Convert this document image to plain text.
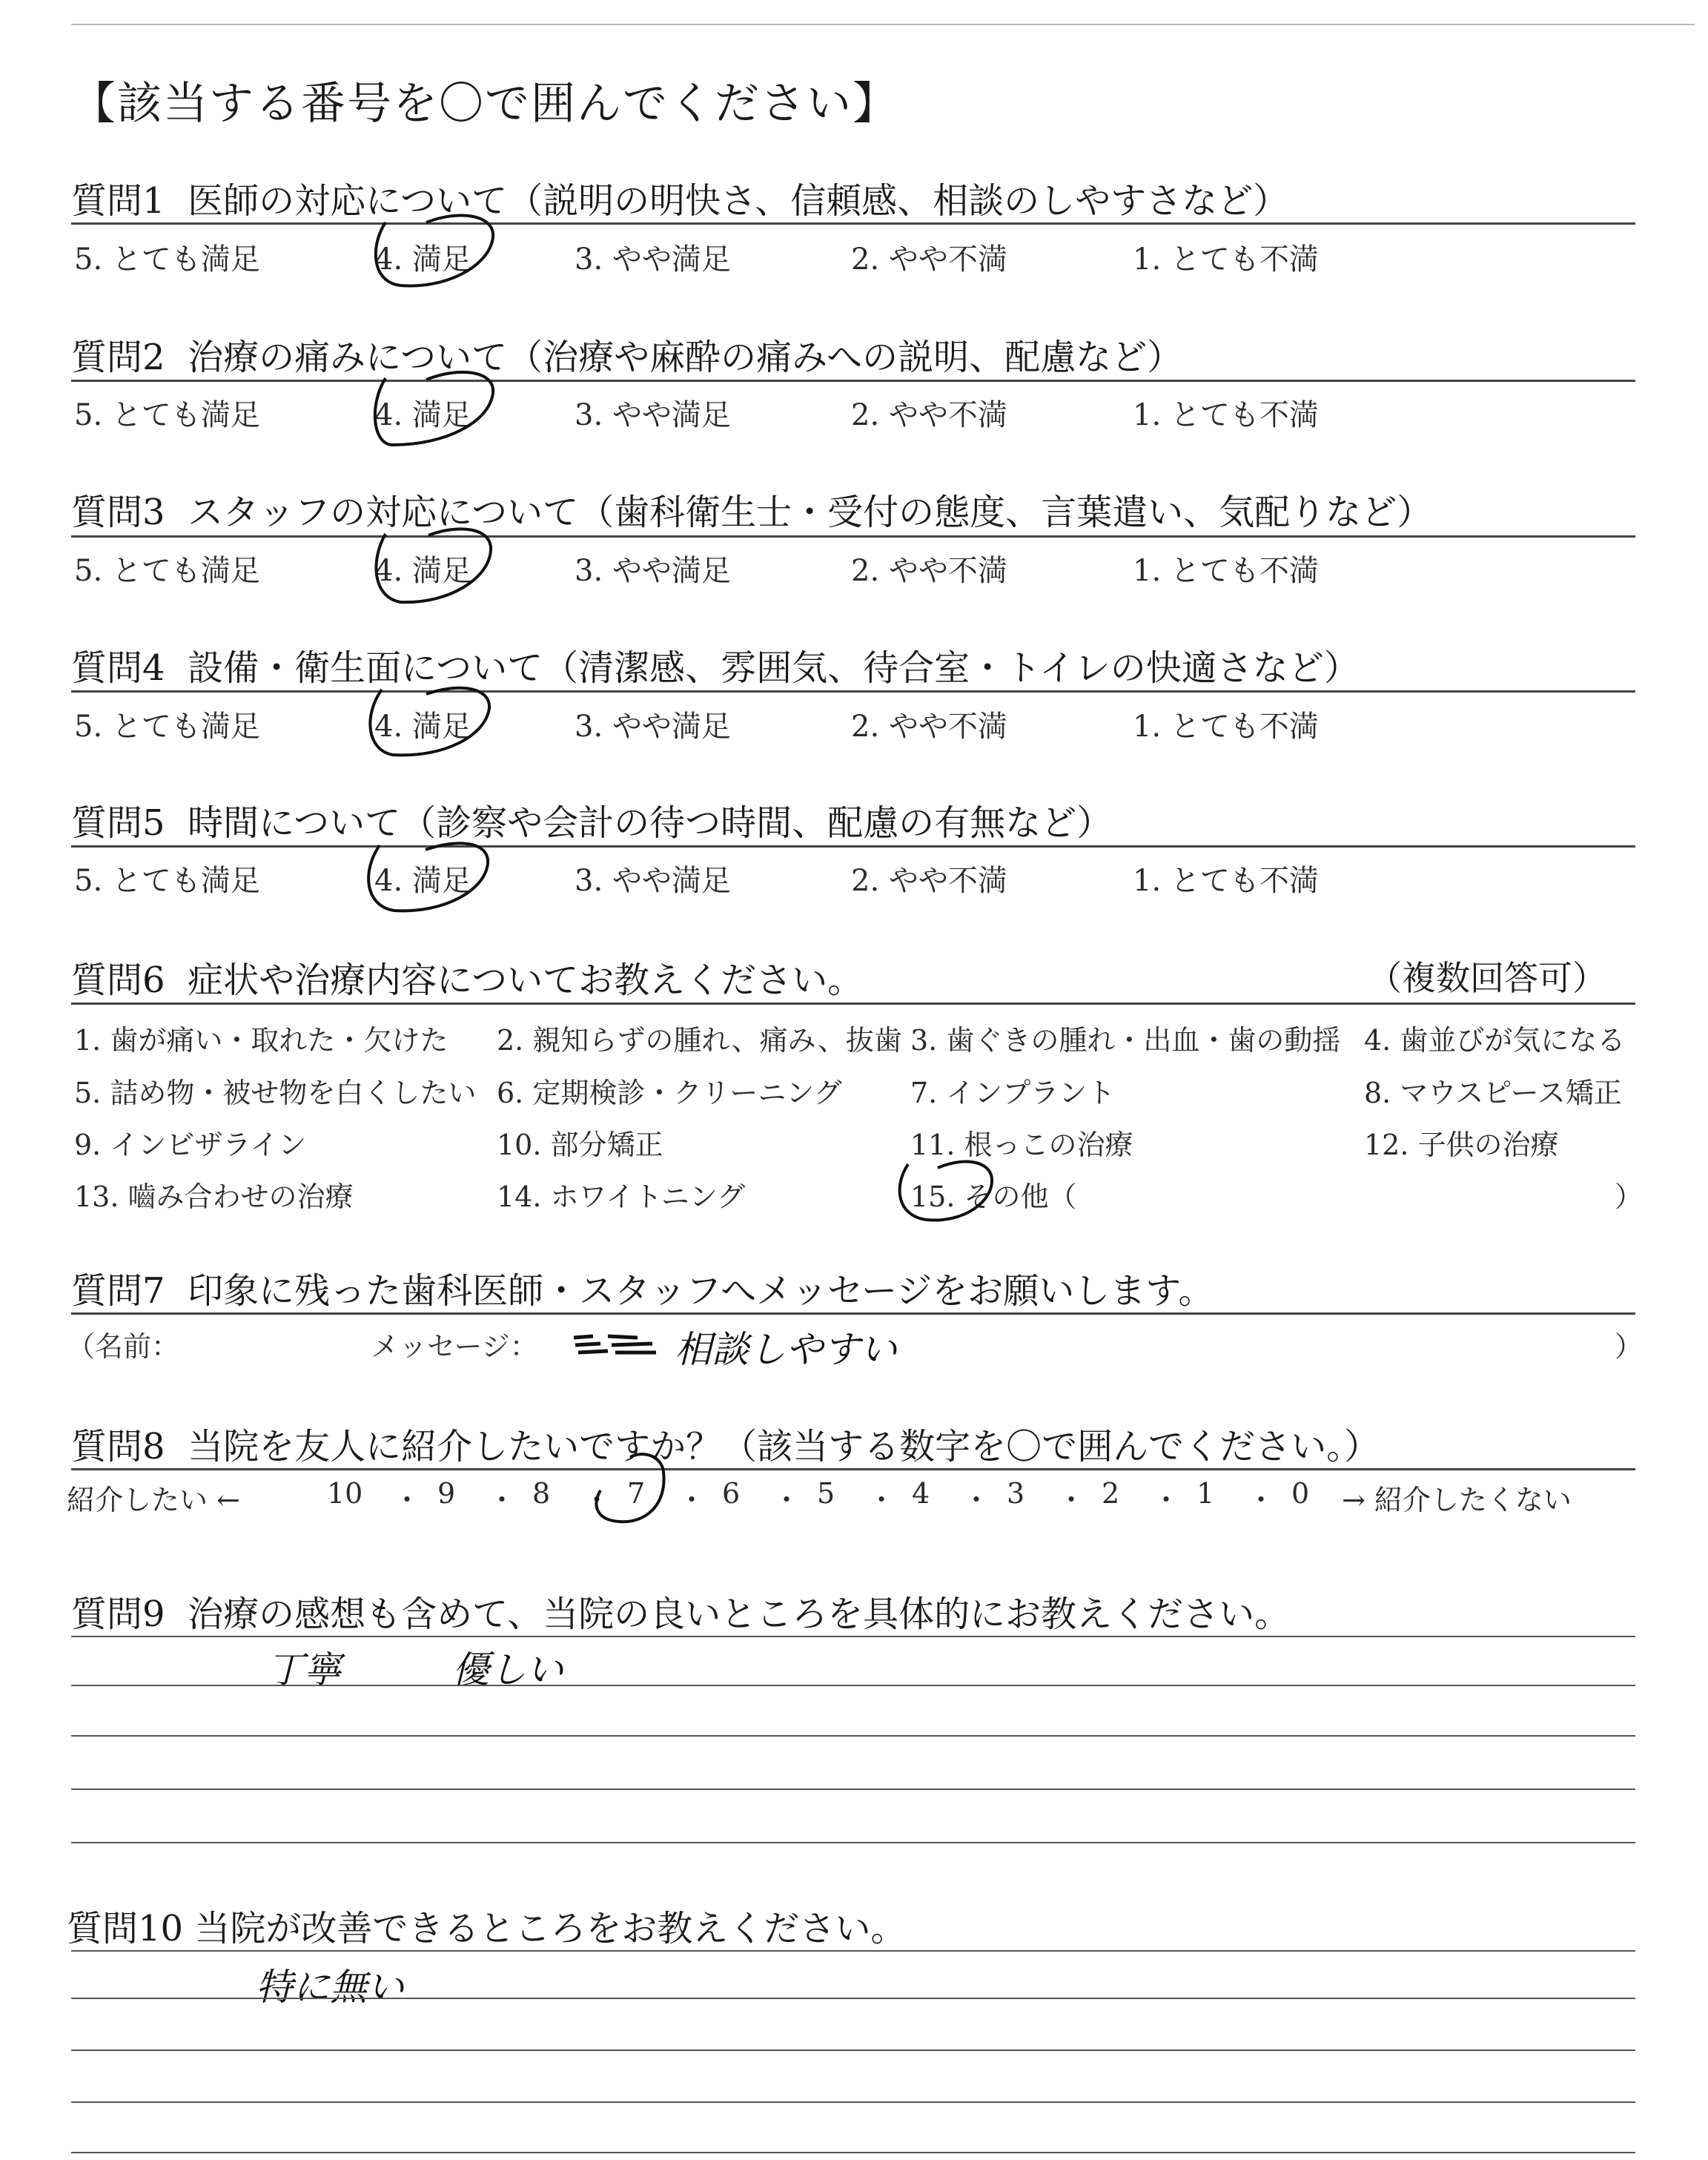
【該当する番号を〇で囲んでください】
質問1 医師の対応について（説明の明快さ、信頼感、相談のしやすさなど）
5. とても満足	4. 満足	3. やや満足	2. やや不満	1. とても不満
質問2 治療の痛みについて（治療や麻酔の痛みへの説明、配慮など）
5. とても満足	4. 満足	3. やや満足	2. やや不満	1. とても不満
質問3 スタッフの対応について（歯科衛生士・受付の態度、言葉遣い、気配りなど）
5. とても満足	4. 満足	3. やや満足	2. やや不満	1. とても不満
質問4 設備・衛生面について（清潔感、雰囲気、待合室・トイレの快適さなど）
5. とても満足	4. 満足	3. やや満足	2. やや不満	1. とても不満
質問5 時間について（診察や会計の待つ時間、配慮の有無など）
5. とても満足	4. 満足	3. やや満足	2. やや不満	1. とても不満
質問6 症状や治療内容についてお教えください。	（複数回答可）
1. 歯が痛い・取れた・欠けた 2. 親知らずの腫れ、痛み、抜歯 3. 歯ぐきの腫れ・出血・歯の動揺 4. 歯並びが気になる
5. 詰め物・被せ物を白くしたい 6. 定期検診・クリーニング 7. インプラント	8. マウスピース矯正
9. インビザライン	10. 部分矯正	11. 根っこの治療	12. 子供の治療
13. 嚙み合わせの治療	14. ホワイトニング	15. その他（	）
質問7 印象に残った歯科医師・スタッフへメッセージをお願いします。
（名前：	メッセージ：	相談しやすい	）
質問8 当院を友人に紹介したいですか？（該当する数字を〇で囲んでください。）
紹介したい ←	→ 紹介したくない
10 ・ 9 ・ 8 ・ 7 ・ 6 ・ 5 ・ 4 ・ 3 ・ 2 ・ 1 ・ 0
質問9 治療の感想も含めて、当院の良いところを具体的にお教えください。
丁寧	優しい
質問10 当院が改善できるところをお教えください。
特に無い
